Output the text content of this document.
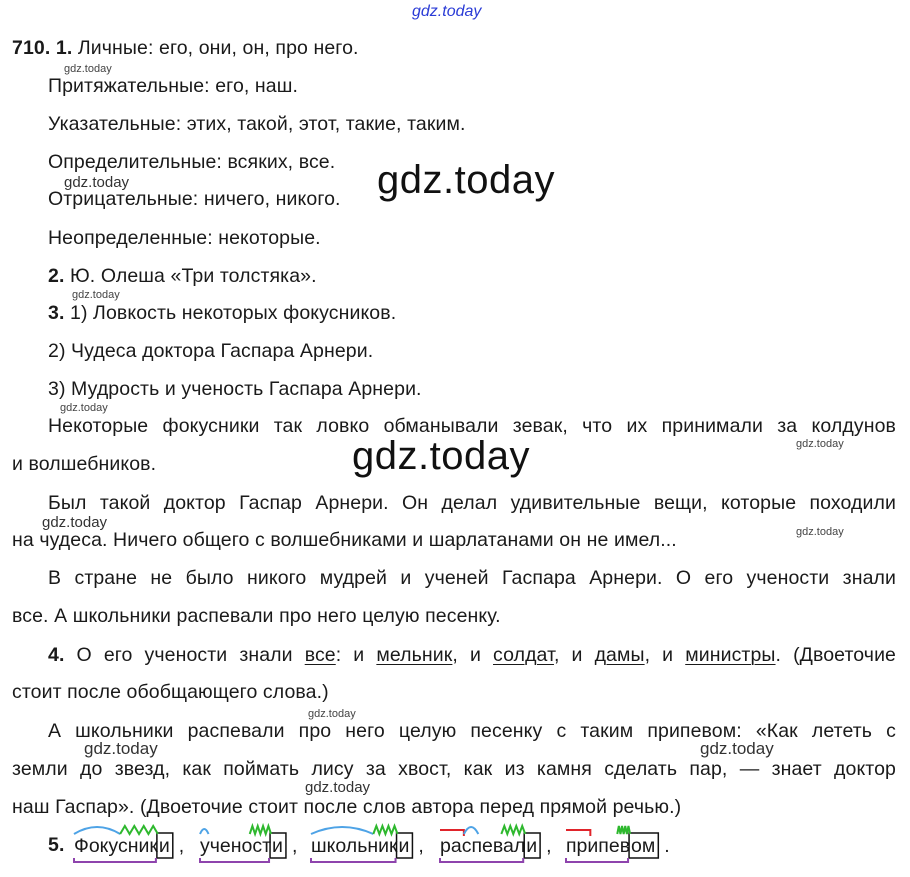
gdz.today
gdz.today
gdz.today	gdz.today
gdz.today
gdz.today
gdz.today
gdz.today
gdz.today
gdz.today
gdz.today
gdz.today	gdz.today
gdz.today
710. 1. Личные: его, они, он, про него.
Притяжательные: его, наш.
Указательные: этих, такой, этот, такие, таким.
Определительные: всяких, все.
Отрицательные: ничего, никого.
Неопределенные: некоторые.
2. Ю. Олеша «Три толстяка».
3. 1) Ловкость некоторых фокусников.
2) Чудеса доктора Гаспара Арнери.
3) Мудрость и ученость Гаспара Арнери.
Некоторые фокусники так ловко обманывали зевак, что их принимали за колдунов
и волшебников.
Был такой доктор Гаспар Арнери. Он делал удивительные вещи, которые походили
на чудеса. Ничего общего с волшебниками и шарлатанами он не имел...
В стране не было никого мудрей и ученей Гаспара Арнери. О его учености знали
все. А школьники распевали про него целую песенку.
4. О его учености знали все: и мельник, и солдат, и дамы, и министры. (Двоеточие
стоит после обобщающего слова.)
А школьники распевали про него целую песенку с таким припевом: «Как лететь с
земли до звезд, как поймать лису за хвост, как из камня сделать пар, — знает доктор
наш Гаспар». (Двоеточие стоит после слов автора перед прямой речью.)
5. Фокусник и , ученост и , школьник и , распевал и , припев ом .
